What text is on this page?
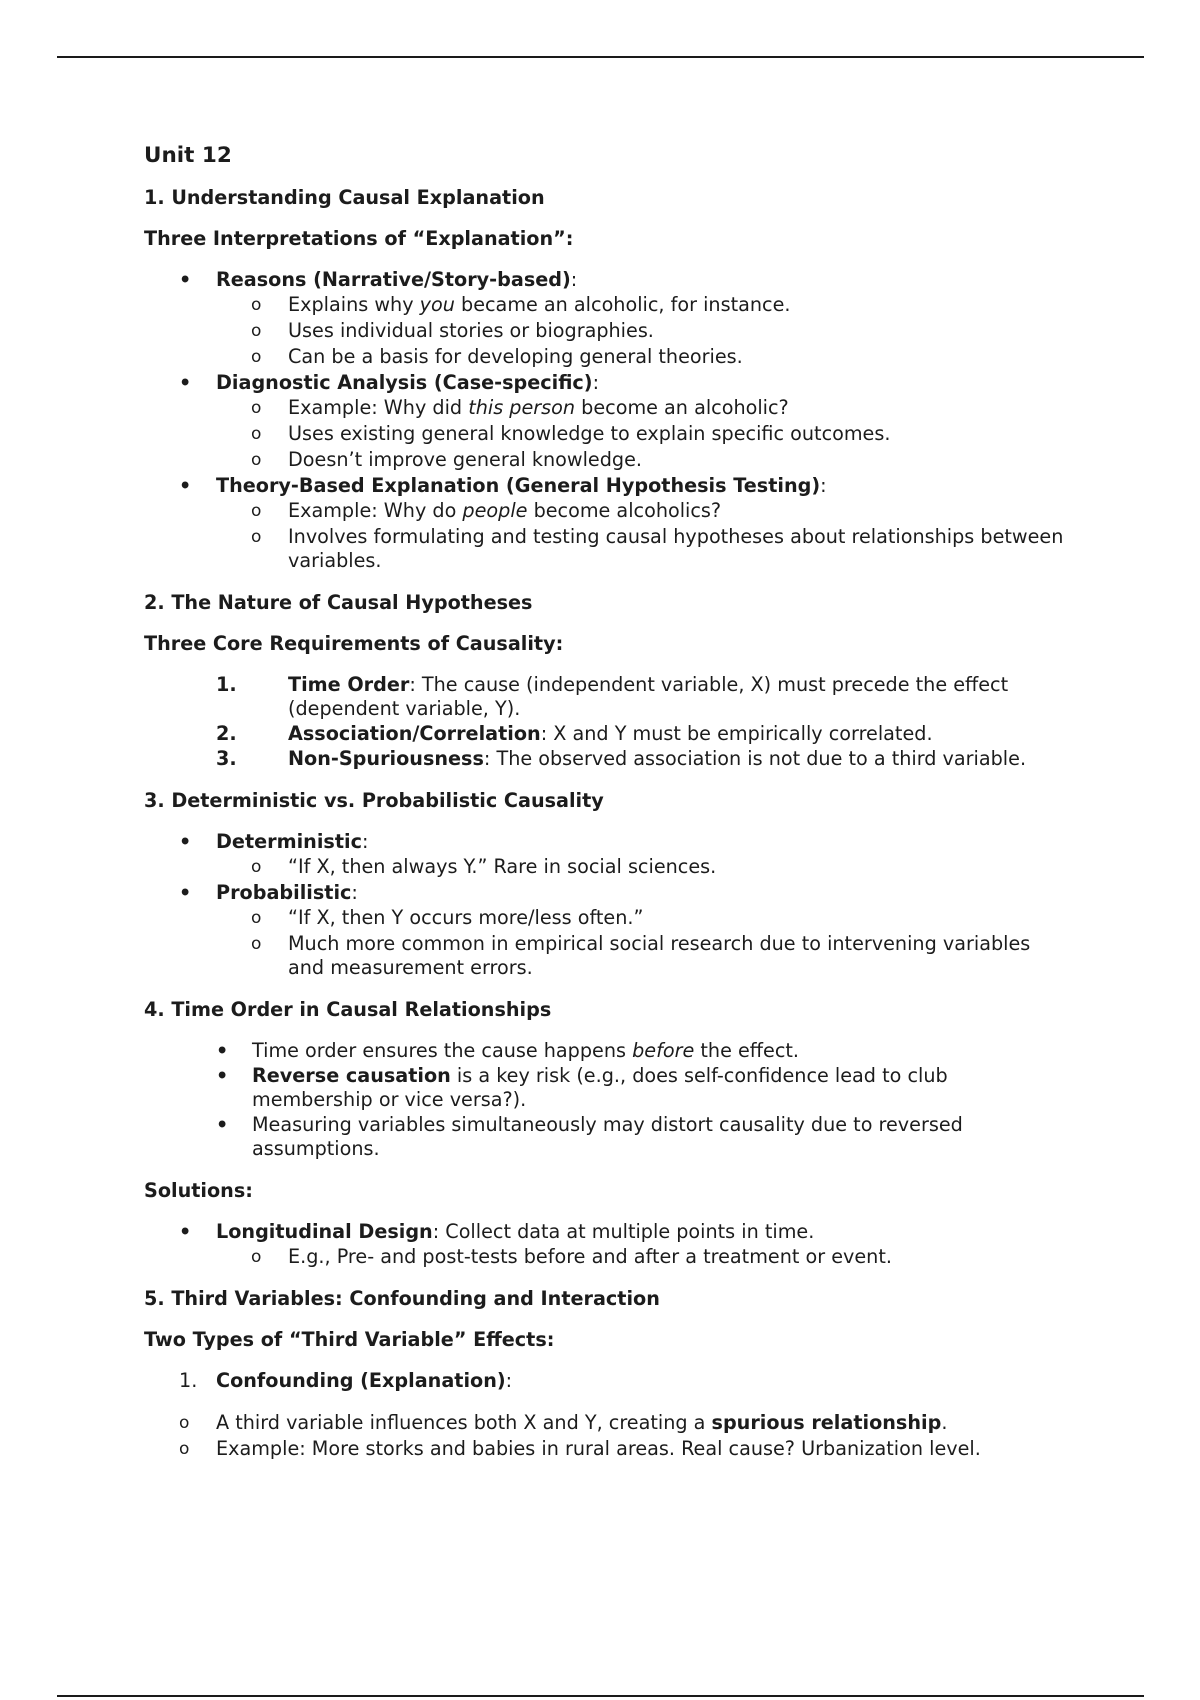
Unit 12
1. Understanding Causal Explanation

Three Interpretations of “Explanation”:

• Reasons (Narrative/Story-based):
o Explains why you became an alcoholic, for instance.
o Uses individual stories or biographies.
o Can be a basis for developing general theories.
• Diagnostic Analysis (Case-specific):
o Example: Why did this person become an alcoholic?
o Uses existing general knowledge to explain specific outcomes.
o Doesn’t improve general knowledge.
• Theory-Based Explanation (General Hypothesis Testing):
o Example: Why do people become alcoholics?
o Involves formulating and testing causal hypotheses about relationships between variables.
2. The Nature of Causal Hypotheses

Three Core Requirements of Causality:

1.	Time Order: The cause (independent variable, X) must precede the effect (dependent variable, Y).
2.	Association/Correlation: X and Y must be empirically correlated.
3.	Non-Spuriousness: The observed association is not due to a third variable.
3. Deterministic vs. Probabilistic Causality
• Deterministic:
o “If X, then always Y.” Rare in social sciences.
• Probabilistic:
o “If X, then Y occurs more/less often.”
o Much more common in empirical social research due to intervening variables and measurement errors.
4. Time Order in Causal Relationships
• Time order ensures the cause happens before the effect.
• Reverse causation is a key risk (e.g., does self-confidence lead to club membership or vice versa?).
• Measuring variables simultaneously may distort causality due to reversed assumptions.

Solutions:

• Longitudinal Design: Collect data at multiple points in time.
o E.g., Pre- and post-tests before and after a treatment or event.
5. Third Variables: Confounding and Interaction

Two Types of “Third Variable” Effects:

1. Confounding (Explanation):
o A third variable influences both X and Y, creating a spurious relationship.
o Example: More storks and babies in rural areas. Real cause? Urbanization level.
